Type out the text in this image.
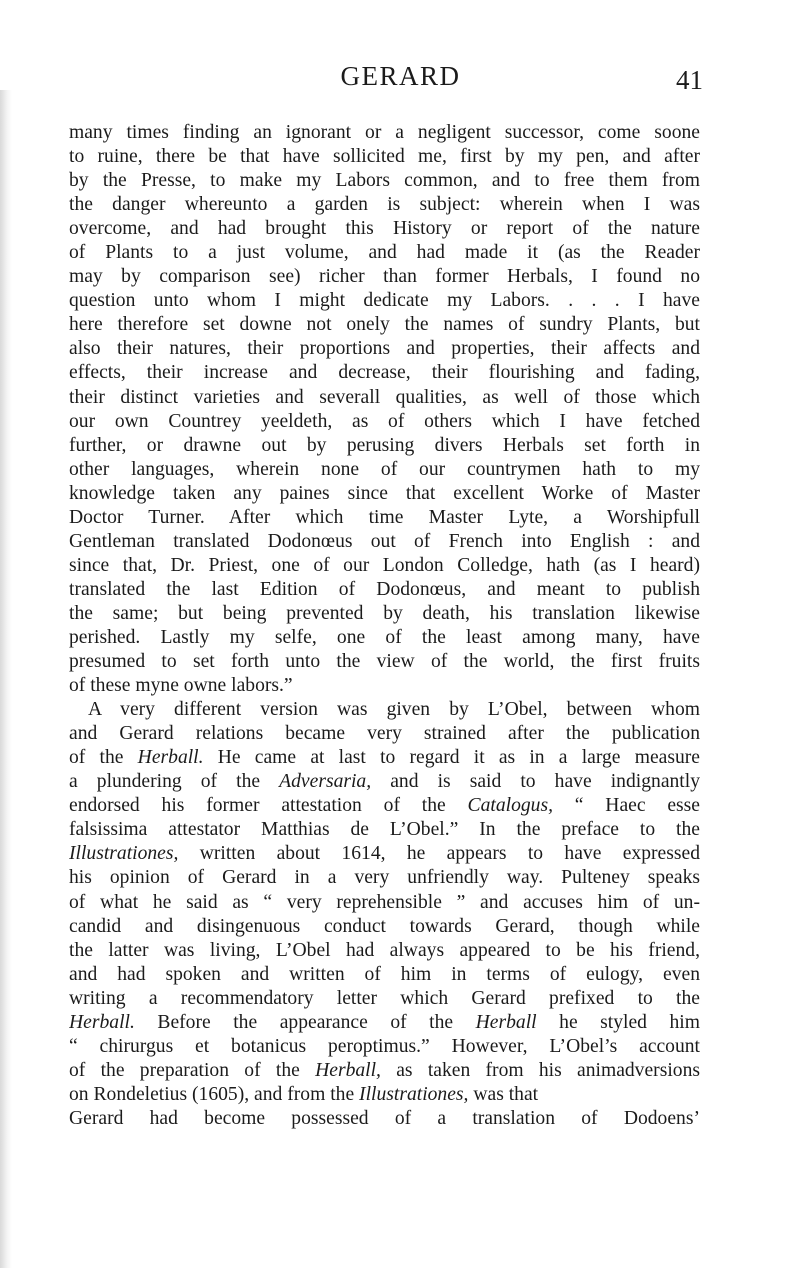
GERARD	41
many times finding an ignorant or a negligent successor, come soone
to ruine, there be that have sollicited me, first by my pen, and after
by the Presse, to make my Labors common, and to free them from
the danger whereunto a garden is subject: wherein when I was
overcome, and had brought this History or report of the nature
of Plants to a just volume, and had made it (as the Reader
may by comparison see) richer than former Herbals, I found no
question unto whom I might dedicate my Labors. . . . I have
here therefore set downe not onely the names of sundry Plants, but
also their natures, their proportions and properties, their affects and
effects, their increase and decrease, their flourishing and fading,
their distinct varieties and severall qualities, as well of those which
our own Countrey yeeldeth, as of others which I have fetched
further, or drawne out by perusing divers Herbals set forth in
other languages, wherein none of our countrymen hath to my
knowledge taken any paines since that excellent Worke of Master
Doctor Turner. After which time Master Lyte, a Worshipfull
Gentleman translated Dodonœus out of French into English : and
since that, Dr. Priest, one of our London Colledge, hath (as I heard)
translated the last Edition of Dodonœus, and meant to publish
the same; but being prevented by death, his translation likewise
perished. Lastly my selfe, one of the least among many, have
presumed to set forth unto the view of the world, the first fruits
of these myne owne labors.”
A very different version was given by L’Obel, between whom
and Gerard relations became very strained after the publication
of the Herball. He came at last to regard it as in a large measure
a plundering of the Adversaria, and is said to have indignantly
endorsed his former attestation of the Catalogus, “ Haec esse
falsissima attestator Matthias de L’Obel.” In the preface to the
Illustrationes, written about 1614, he appears to have expressed
his opinion of Gerard in a very unfriendly way. Pulteney speaks
of what he said as “ very reprehensible ” and accuses him of un-
candid and disingenuous conduct towards Gerard, though while
the latter was living, L’Obel had always appeared to be his friend,
and had spoken and written of him in terms of eulogy, even
writing a recommendatory letter which Gerard prefixed to the
Herball. Before the appearance of the Herball he styled him
“ chirurgus et botanicus peroptimus.” However, L’Obel’s account
of the preparation of the Herball, as taken from his animadversions
on Rondeletius (1605), and from the Illustrationes, was that
Gerard had become possessed of a translation of Dodoens’
